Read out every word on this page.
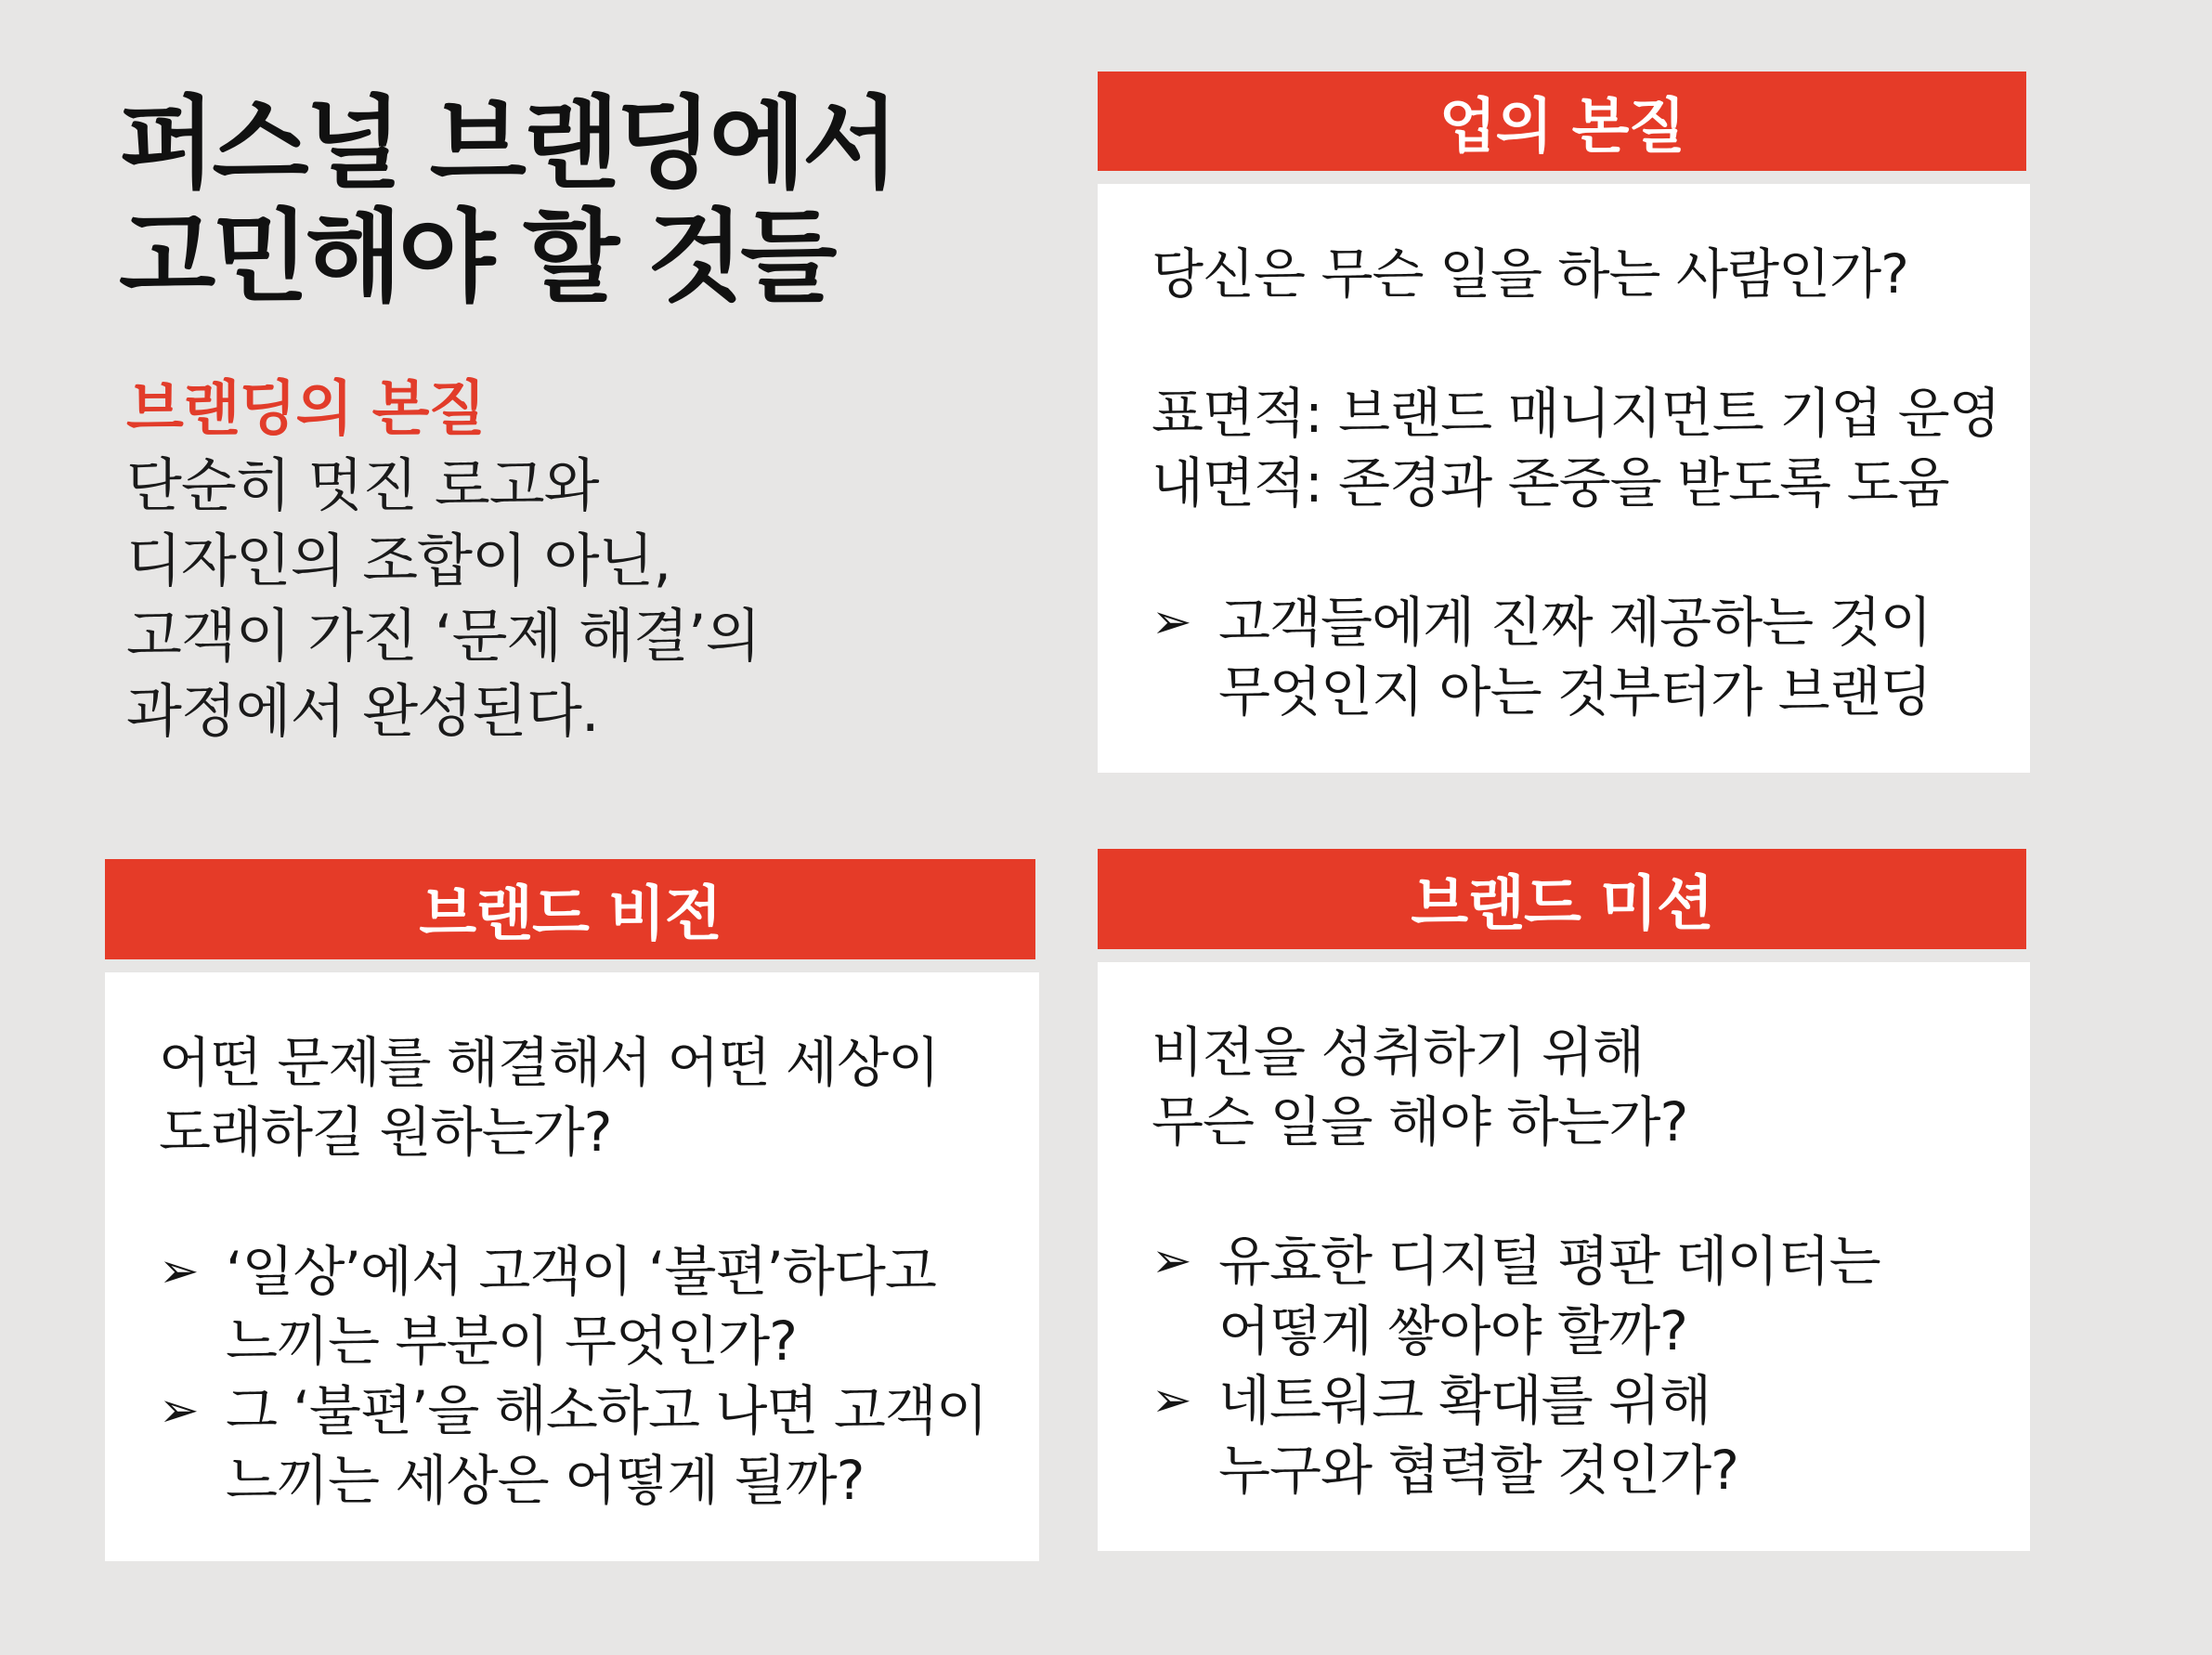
퍼스널 브랜딩에서
고민해야 할 것들
브랜딩의 본질
단순히 멋진 로고와
디자인의 조합이 아닌,
고객이 가진 ‘문제 해결’의
과정에서 완성된다.
업의 본질
당신은 무슨 일을 하는 사람인가?
표면적: 브랜드 매니지먼트 기업 운영
내면적: 존경과 존중을 받도록 도움
➢ 고객들에게 진짜 제공하는 것이
무엇인지 아는 것부터가 브랜딩
브랜드 비전
어떤 문제를 해결해서 어떤 세상이
도래하길 원하는가?
➢ ‘일상’에서 고객이 ‘불편’하다고
느끼는 부분이 무엇인가?
➢ 그 ‘불편’을 해소하고 나면 고객이
느끼는 세상은 어떻게 될까?
브랜드 미션
비전을 성취하기 위해
무슨 일을 해야 하는가?
➢ 유효한 디지털 평판 데이터는
어떻게 쌓아야 할까?
➢ 네트워크 확대를 위해
누구와 협력할 것인가?
